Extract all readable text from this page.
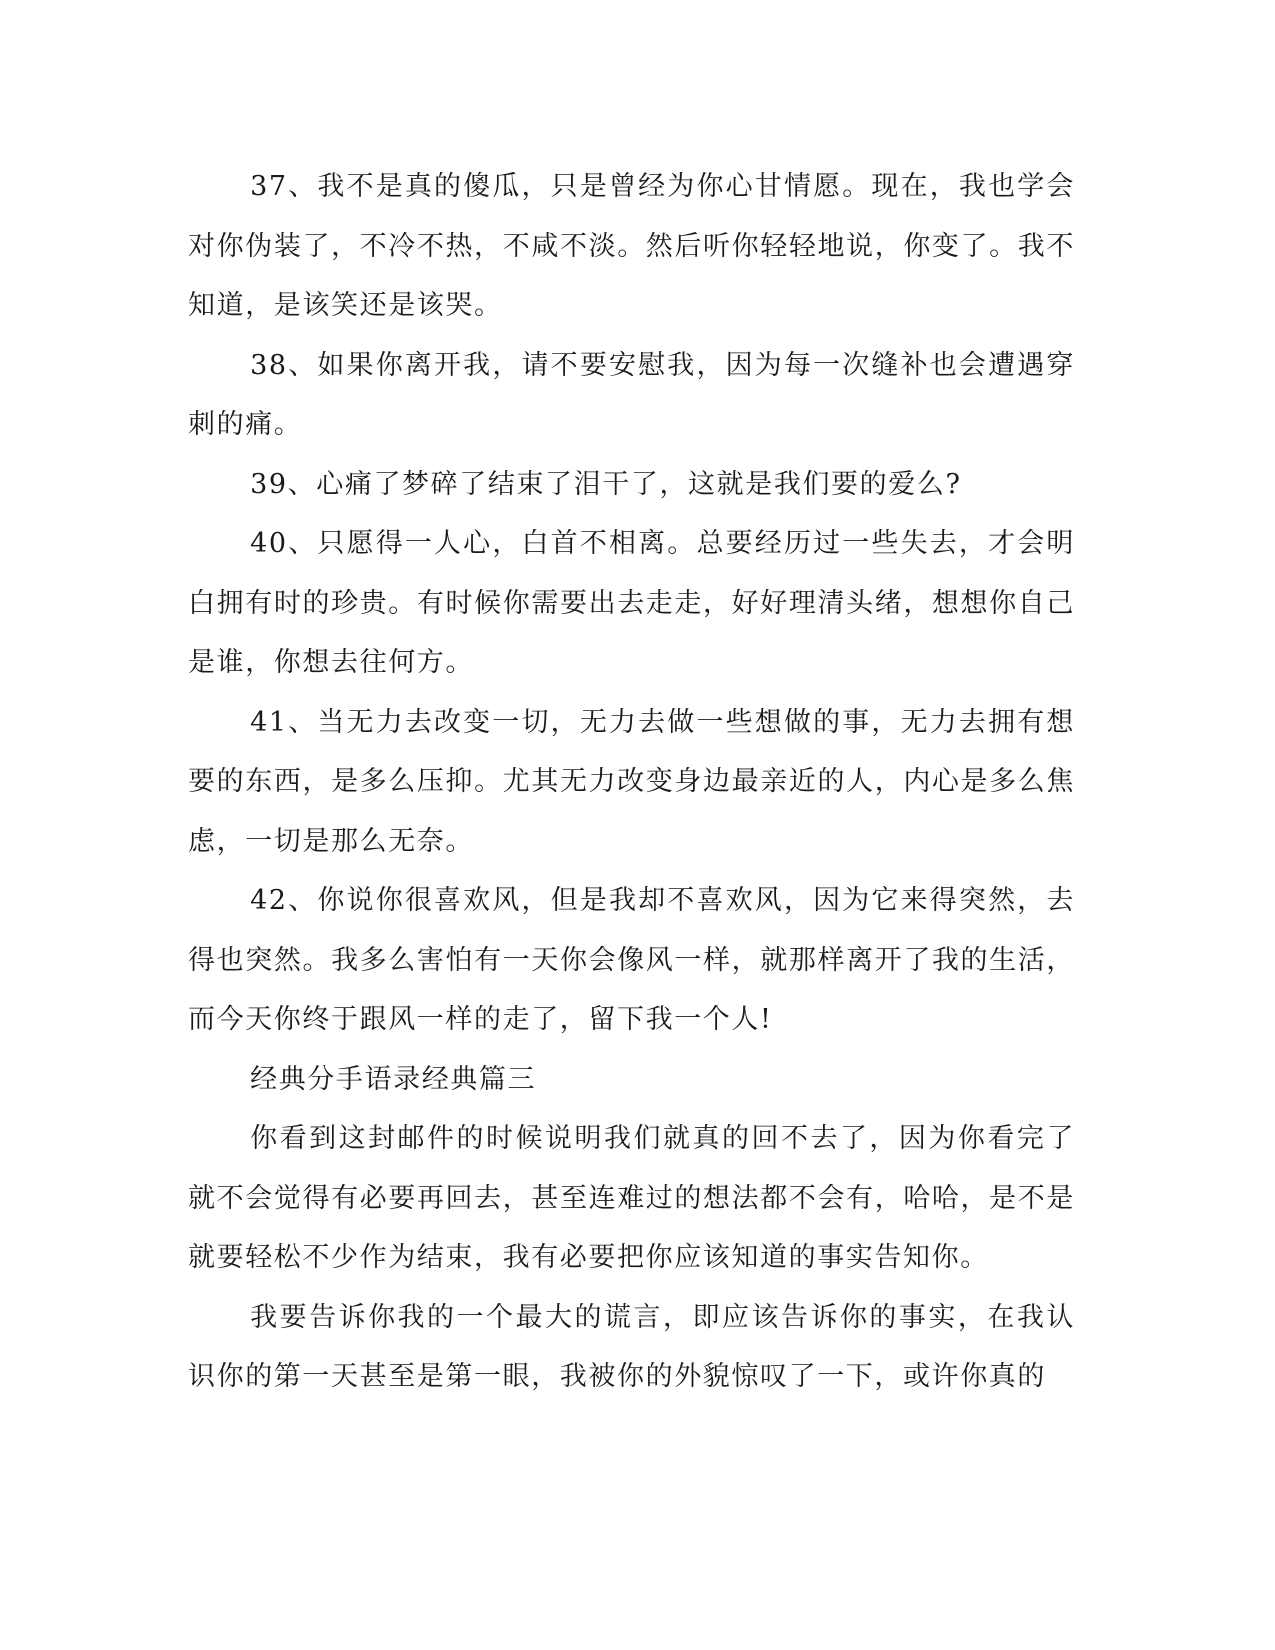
37、我不是真的傻瓜，只是曾经为你心甘情愿。现在，我也学会对你伪装了，不冷不热，不咸不淡。然后听你轻轻地说，你变了。我不知道，是该笑还是该哭。

38、如果你离开我，请不要安慰我，因为每一次缝补也会遭遇穿刺的痛。

39、心痛了梦碎了结束了泪干了，这就是我们要的爱么?

40、只愿得一人心，白首不相离。总要经历过一些失去，才会明白拥有时的珍贵。有时候你需要出去走走，好好理清头绪，想想你自己是谁，你想去往何方。

41、当无力去改变一切，无力去做一些想做的事，无力去拥有想要的东西，是多么压抑。尤其无力改变身边最亲近的人，内心是多么焦虑，一切是那么无奈。

42、你说你很喜欢风，但是我却不喜欢风，因为它来得突然，去得也突然。我多么害怕有一天你会像风一样，就那样离开了我的生活，而今天你终于跟风一样的走了，留下我一个人!

经典分手语录经典篇三

你看到这封邮件的时候说明我们就真的回不去了，因为你看完了就不会觉得有必要再回去，甚至连难过的想法都不会有，哈哈，是不是就要轻松不少作为结束，我有必要把你应该知道的事实告知你。

我要告诉你我的一个最大的谎言，即应该告诉你的事实，在我认识你的第一天甚至是第一眼，我被你的外貌惊叹了一下，或许你真的
